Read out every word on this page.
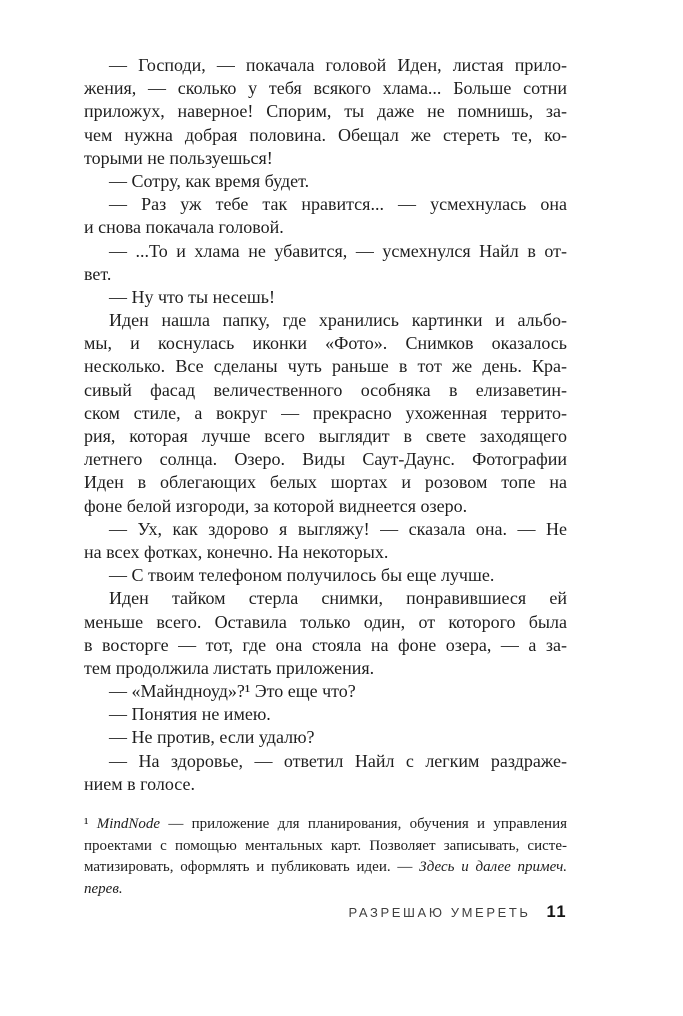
— Господи, — покачала головой Иден, листая прило-
жения, — сколько у тебя всякого хлама... Больше сотни
приложух, наверное! Спорим, ты даже не помнишь, за-
чем нужна добрая половина. Обещал же стереть те, ко-
торыми не пользуешься!
— Сотру, как время будет.
— Раз уж тебе так нравится... — усмехнулась она
и снова покачала головой.
— ...То и хлама не убавится, — усмехнулся Найл в от-
вет.
— Ну что ты несешь!
Иден нашла папку, где хранились картинки и альбо-
мы, и коснулась иконки «Фото». Снимков оказалось
несколько. Все сделаны чуть раньше в тот же день. Кра-
сивый фасад величественного особняка в елизаветин-
ском стиле, а вокруг — прекрасно ухоженная террито-
рия, которая лучше всего выглядит в свете заходящего
летнего солнца. Озеро. Виды Саут-Даунс. Фотографии
Иден в облегающих белых шортах и розовом топе на
фоне белой изгороди, за которой виднеется озеро.
— Ух, как здорово я выгляжу! — сказала она. — Не
на всех фотках, конечно. На некоторых.
— С твоим телефоном получилось бы еще лучше.
Иден тайком стерла снимки, понравившиеся ей
меньше всего. Оставила только один, от которого была
в восторге — тот, где она стояла на фоне озера, — а за-
тем продолжила листать приложения.
— «Майндноуд»?¹ Это еще что?
— Понятия не имею.
— Не против, если удалю?
— На здоровье, — ответил Найл с легким раздраже-
нием в голосе.
¹ MindNode — приложение для планирования, обучения и управления
проектами с помощью ментальных карт. Позволяет записывать, систе-
матизировать, оформлять и публиковать идеи. — Здесь и далее примеч.
перев.
РАЗРЕШАЮ УМЕРЕТЬ 11
